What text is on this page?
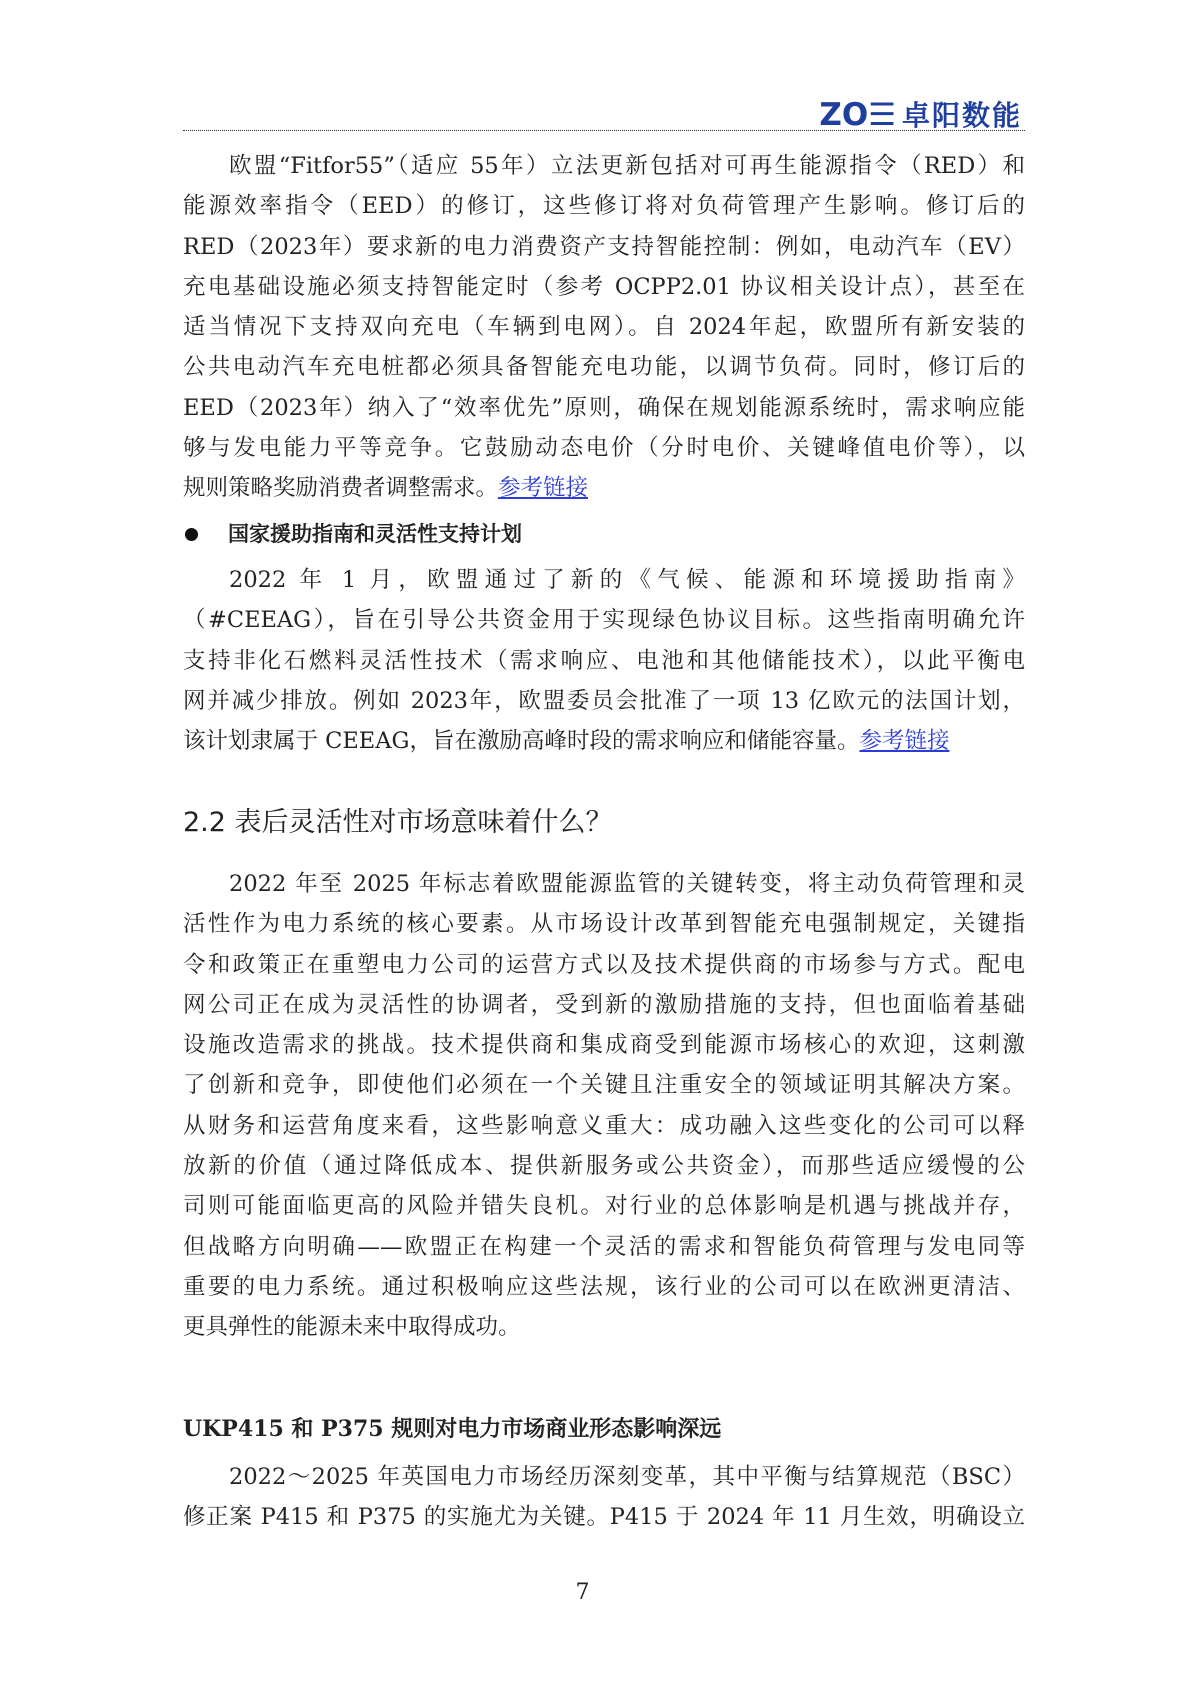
ZO☰ 卓阳数能
欧盟“Fitfor55”（适应 55年）立法更新包括对可再生能源指令（RED）和
能源效率指令（EED）的修订，这些修订将对负荷管理产生影响。修订后的
RED（2023年）要求新的电力消费资产支持智能控制：例如，电动汽车（EV）
充电基础设施必须支持智能定时（参考 OCPP2.01 协议相关设计点），甚至在
适当情况下支持双向充电（车辆到电网）。自 2024年起，欧盟所有新安装的
公共电动汽车充电桩都必须具备智能充电功能，以调节负荷。同时，修订后的
EED（2023年）纳入了“效率优先”原则，确保在规划能源系统时，需求响应能
够与发电能力平等竞争。它鼓励动态电价（分时电价、关键峰值电价等），以
规则策略奖励消费者调整需求。参考链接
国家援助指南和灵活性支持计划
2022 年 1 月，欧盟通过了新的《气候、能源和环境援助指南》
（#CEEAG），旨在引导公共资金用于实现绿色协议目标。这些指南明确允许
支持非化石燃料灵活性技术（需求响应、电池和其他储能技术），以此平衡电
网并减少排放。例如 2023年，欧盟委员会批准了一项 13 亿欧元的法国计划，
该计划隶属于 CEEAG，旨在激励高峰时段的需求响应和储能容量。参考链接
2.2 表后灵活性对市场意味着什么？
2022 年至 2025 年标志着欧盟能源监管的关键转变，将主动负荷管理和灵
活性作为电力系统的核心要素。从市场设计改革到智能充电强制规定，关键指
令和政策正在重塑电力公司的运营方式以及技术提供商的市场参与方式。配电
网公司正在成为灵活性的协调者，受到新的激励措施的支持，但也面临着基础
设施改造需求的挑战。技术提供商和集成商受到能源市场核心的欢迎，这刺激
了创新和竞争，即使他们必须在一个关键且注重安全的领域证明其解决方案。
从财务和运营角度来看，这些影响意义重大：成功融入这些变化的公司可以释
放新的价值（通过降低成本、提供新服务或公共资金），而那些适应缓慢的公
司则可能面临更高的风险并错失良机。对行业的总体影响是机遇与挑战并存，
但战略方向明确——欧盟正在构建一个灵活的需求和智能负荷管理与发电同等
重要的电力系统。通过积极响应这些法规，该行业的公司可以在欧洲更清洁、
更具弹性的能源未来中取得成功。
UKP415 和 P375 规则对电力市场商业形态影响深远
2022～2025 年英国电力市场经历深刻变革，其中平衡与结算规范（BSC）
修正案 P415 和 P375 的实施尤为关键。P415 于 2024 年 11 月生效，明确设立
7
